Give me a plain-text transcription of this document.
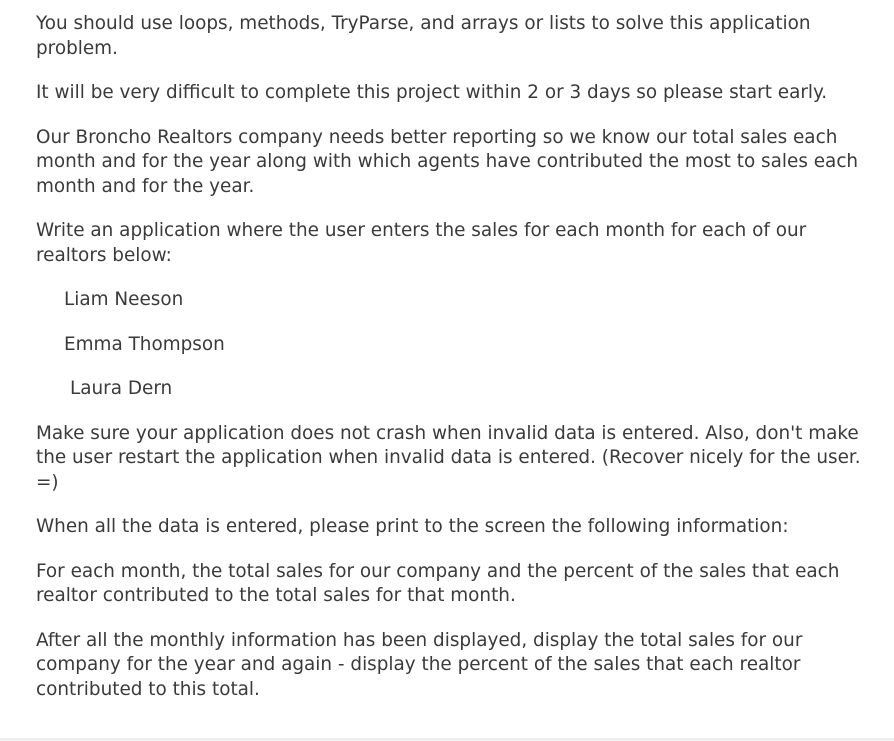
You should use loops, methods, TryParse, and arrays or lists to solve this application problem.

It will be very difficult to complete this project within 2 or 3 days so please start early.

Our Broncho Realtors company needs better reporting so we know our total sales each month and for the year along with which agents have contributed the most to sales each month and for the year.

Write an application where the user enters the sales for each month for each of our realtors below:

Liam Neeson

Emma Thompson

Laura Dern

Make sure your application does not crash when invalid data is entered. Also, don't make the user restart the application when invalid data is entered. (Recover nicely for the user. =)

When all the data is entered, please print to the screen the following information:

For each month, the total sales for our company and the percent of the sales that each realtor contributed to the total sales for that month.

After all the monthly information has been displayed, display the total sales for our company for the year and again - display the percent of the sales that each realtor contributed to this total.
